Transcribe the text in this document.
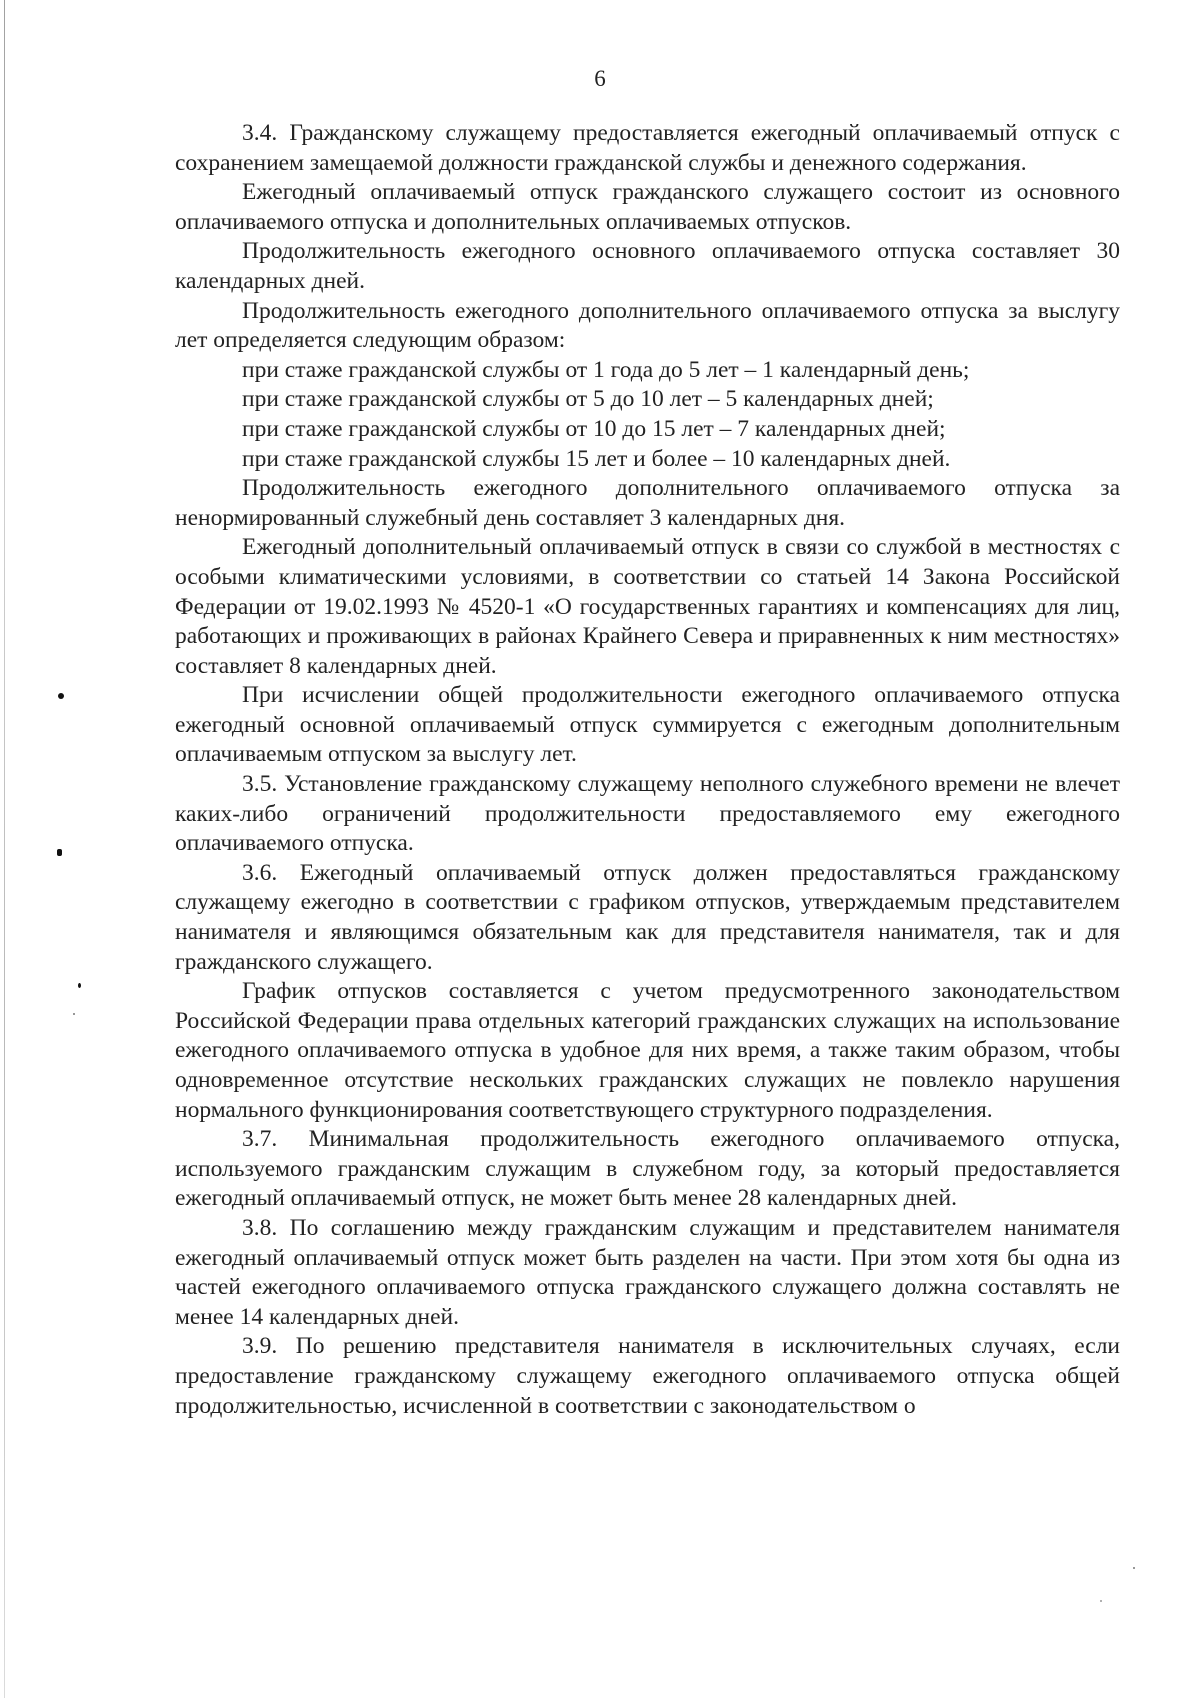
6

3.4. Гражданскому служащему предоставляется ежегодный оплачиваемый отпуск с сохранением замещаемой должности гражданской службы и денежного содержания.

Ежегодный оплачиваемый отпуск гражданского служащего состоит из основного оплачиваемого отпуска и дополнительных оплачиваемых отпусков.

Продолжительность ежегодного основного оплачиваемого отпуска составляет 30 календарных дней.

Продолжительность ежегодного дополнительного оплачиваемого отпуска за выслугу лет определяется следующим образом:

при стаже гражданской службы от 1 года до 5 лет – 1 календарный день;

при стаже гражданской службы от 5 до 10 лет – 5 календарных дней;

при стаже гражданской службы от 10 до 15 лет – 7 календарных дней;

при стаже гражданской службы 15 лет и более – 10 календарных дней.

Продолжительность ежегодного дополнительного оплачиваемого отпуска за ненормированный служебный день составляет 3 календарных дня.

Ежегодный дополнительный оплачиваемый отпуск в связи со службой в местностях с особыми климатическими условиями, в соответствии со статьей 14 Закона Российской Федерации от 19.02.1993 № 4520-1 «О государственных гарантиях и компенсациях для лиц, работающих и проживающих в районах Крайнего Севера и приравненных к ним местностях» составляет 8 календарных дней.

При исчислении общей продолжительности ежегодного оплачиваемого отпуска ежегодный основной оплачиваемый отпуск суммируется с ежегодным дополнительным оплачиваемым отпуском за выслугу лет.

3.5. Установление гражданскому служащему неполного служебного времени не влечет каких-либо ограничений продолжительности предоставляемого ему ежегодного оплачиваемого отпуска.

3.6. Ежегодный оплачиваемый отпуск должен предоставляться гражданскому служащему ежегодно в соответствии с графиком отпусков, утверждаемым представителем нанимателя и являющимся обязательным как для представителя нанимателя, так и для гражданского служащего.

График отпусков составляется с учетом предусмотренного законодательством Российской Федерации права отдельных категорий гражданских служащих на использование ежегодного оплачиваемого отпуска в удобное для них время, а также таким образом, чтобы одновременное отсутствие нескольких гражданских служащих не повлекло нарушения нормального функционирования соответствующего структурного подразделения.

3.7. Минимальная продолжительность ежегодного оплачиваемого отпуска, используемого гражданским служащим в служебном году, за который предоставляется ежегодный оплачиваемый отпуск, не может быть менее 28 календарных дней.

3.8. По соглашению между гражданским служащим и представителем нанимателя ежегодный оплачиваемый отпуск может быть разделен на части. При этом хотя бы одна из частей ежегодного оплачиваемого отпуска гражданского служащего должна составлять не менее 14 календарных дней.

3.9. По решению представителя нанимателя в исключительных случаях, если предоставление гражданскому служащему ежегодного оплачиваемого отпуска общей продолжительностью, исчисленной в соответствии с законодательством о
